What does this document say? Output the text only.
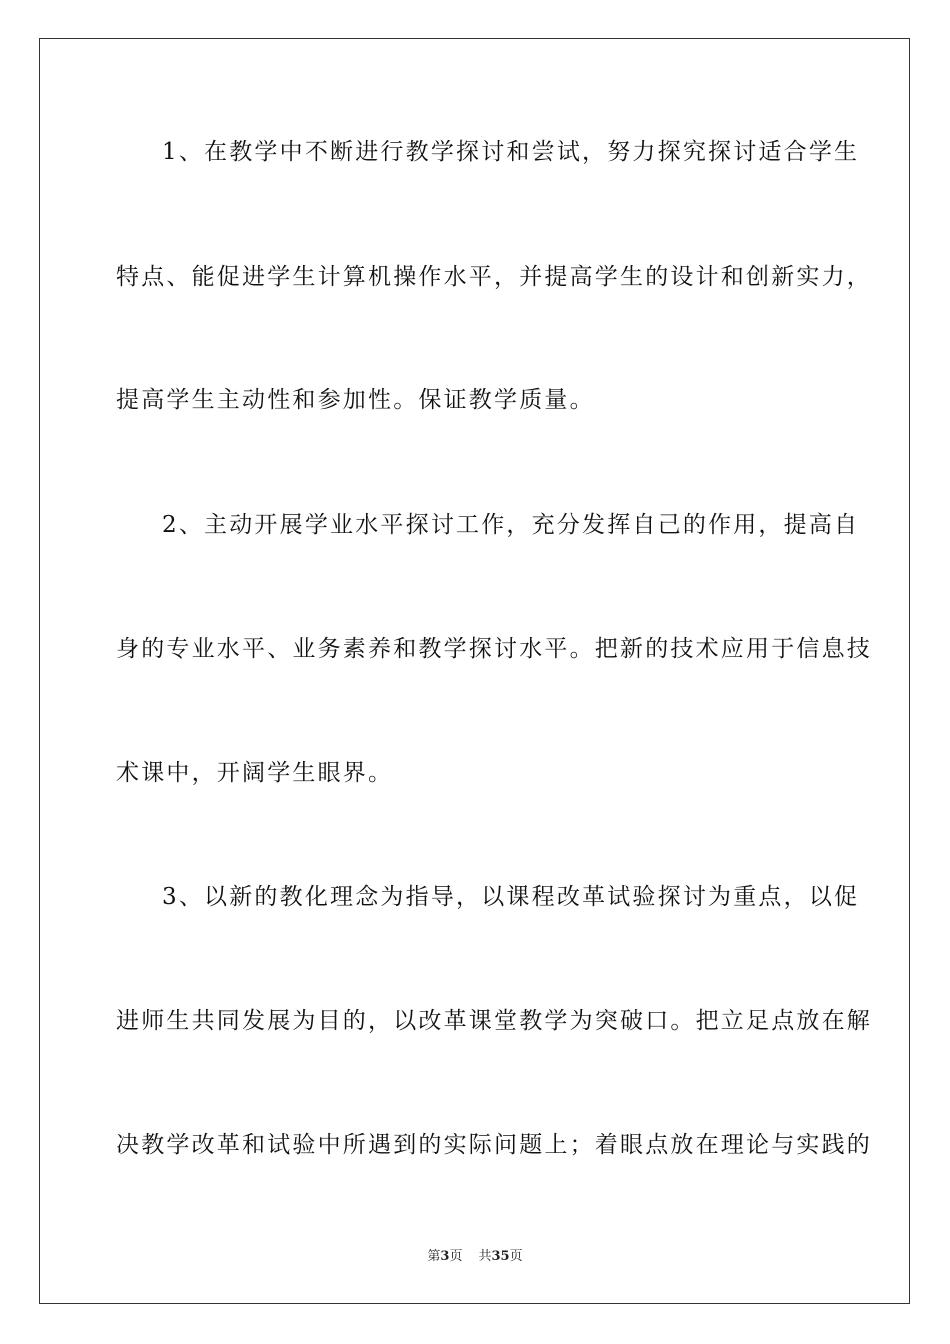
1、在教学中不断进行教学探讨和尝试，努力探究探讨适合学生
特点、能促进学生计算机操作水平，并提高学生的设计和创新实力，
提高学生主动性和参加性。保证教学质量。
2、主动开展学业水平探讨工作，充分发挥自己的作用，提高自
身的专业水平、业务素养和教学探讨水平。把新的技术应用于信息技
术课中，开阔学生眼界。
3、以新的教化理念为指导，以课程改革试验探讨为重点，以促
进师生共同发展为目的，以改革课堂教学为突破口。把立足点放在解
决教学改革和试验中所遇到的实际问题上；着眼点放在理论与实践的
第3页 共35页
